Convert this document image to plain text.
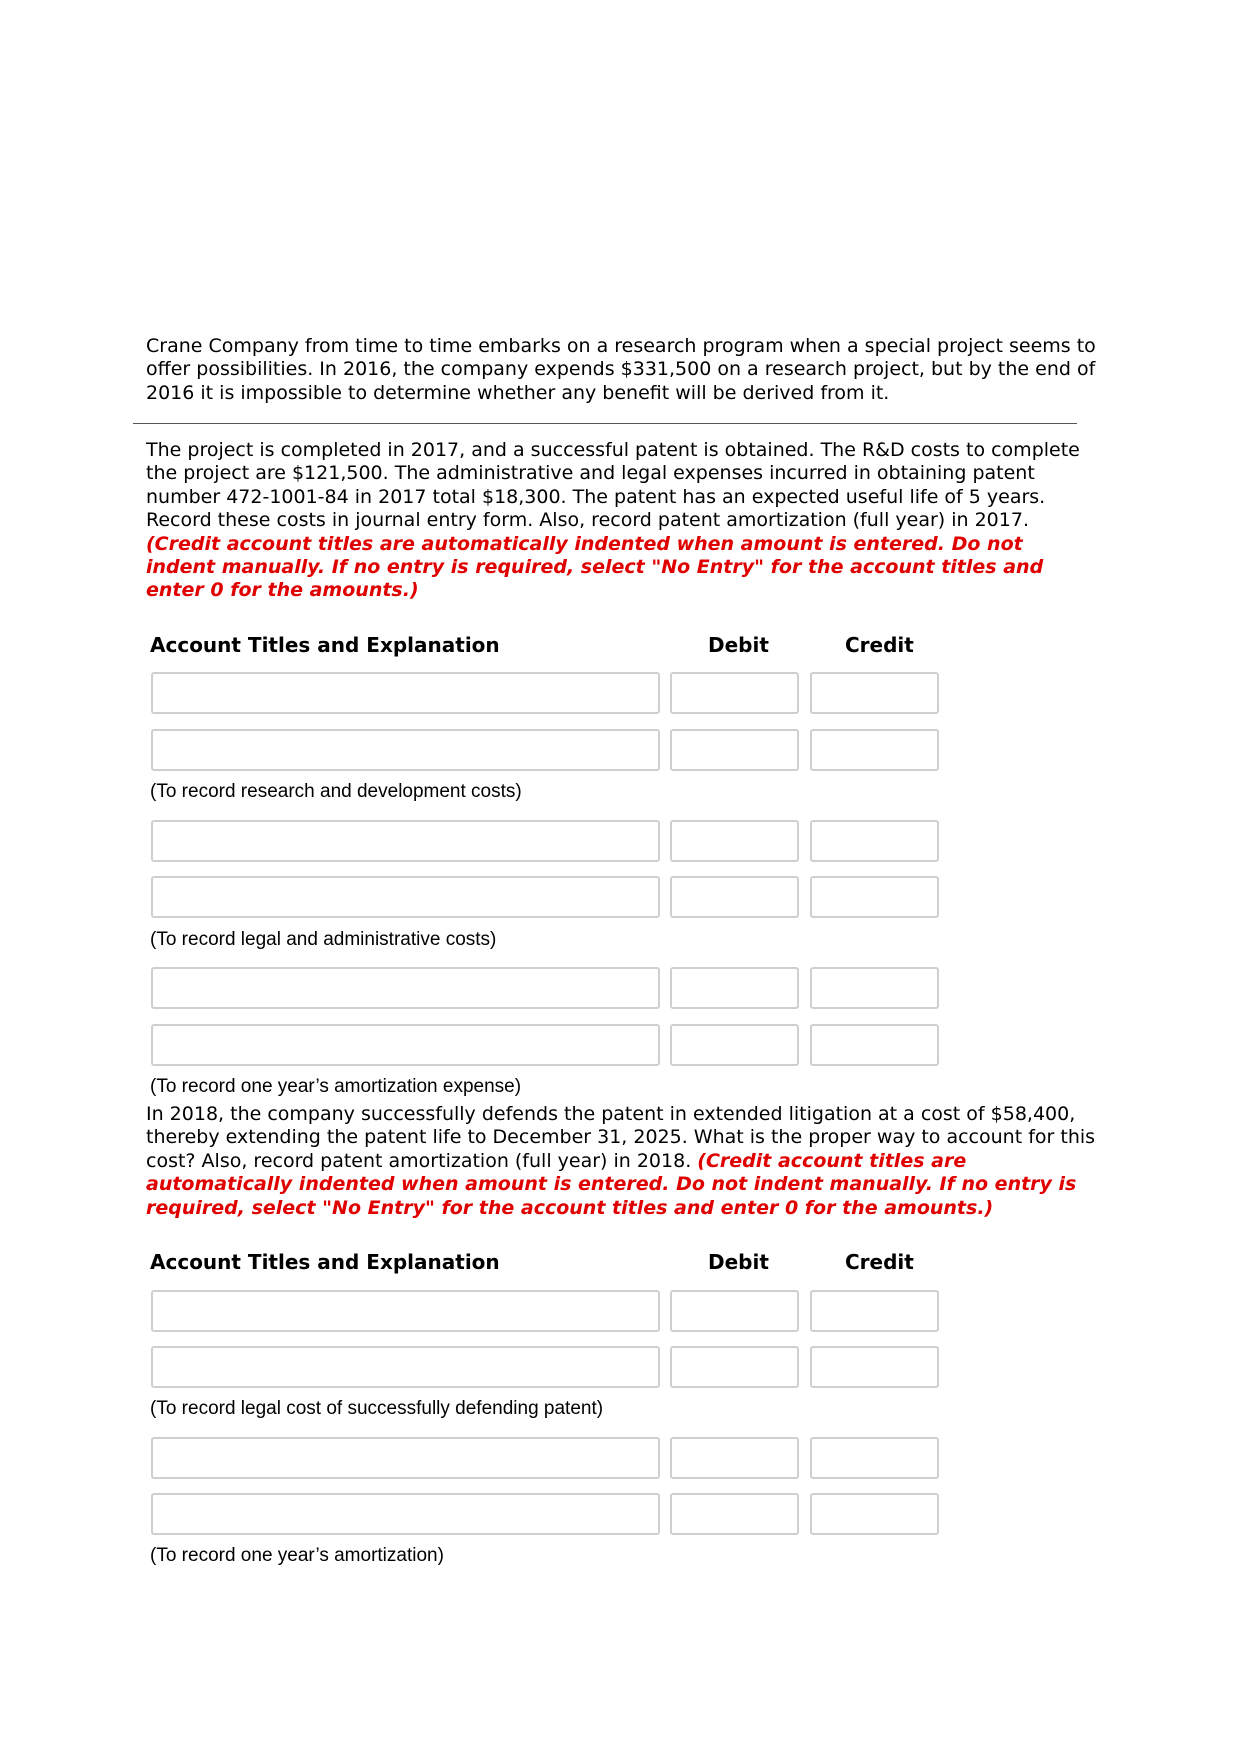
Crane Company from time to time embarks on a research program when a special project seems to offer possibilities. In 2016, the company expends $331,500 on a research project, but by the end of 2016 it is impossible to determine whether any benefit will be derived from it.

The project is completed in 2017, and a successful patent is obtained. The R&D costs to complete the project are $121,500. The administrative and legal expenses incurred in obtaining patent number 472-1001-84 in 2017 total $18,300. The patent has an expected useful life of 5 years. Record these costs in journal entry form. Also, record patent amortization (full year) in 2017. (Credit account titles are automatically indented when amount is entered. Do not indent manually. If no entry is required, select "No Entry" for the account titles and enter 0 for the amounts.)

Account Titles and Explanation	Debit	Credit
(To record research and development costs)
(To record legal and administrative costs)
(To record one year’s amortization expense)

In 2018, the company successfully defends the patent in extended litigation at a cost of $58,400, thereby extending the patent life to December 31, 2025. What is the proper way to account for this cost? Also, record patent amortization (full year) in 2018. (Credit account titles are automatically indented when amount is entered. Do not indent manually. If no entry is required, select "No Entry" for the account titles and enter 0 for the amounts.)

Account Titles and Explanation	Debit	Credit
(To record legal cost of successfully defending patent)
(To record one year’s amortization)
